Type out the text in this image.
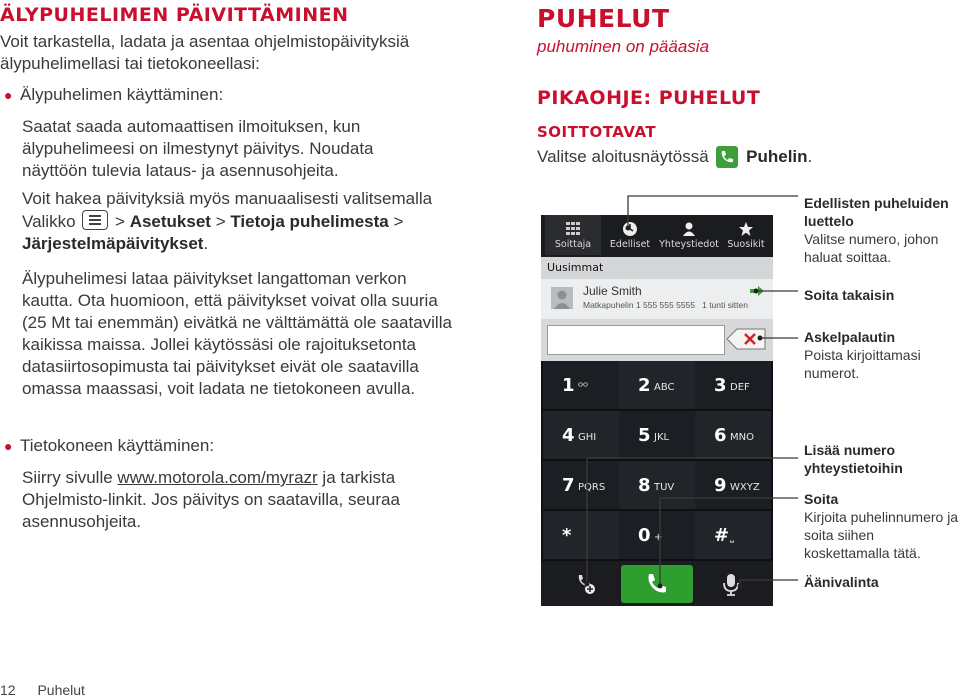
ÄLYPUHELIMEN PÄIVITTÄMINEN
Voit tarkastella, ladata ja asentaa ohjelmistopäivityksiä älypuhelimellasi tai tietokoneellasi:
● Älypuhelimen käyttäminen:
Saatat saada automaattisen ilmoituksen, kun älypuhelimeesi on ilmestynyt päivitys. Noudata näyttöön tulevia lataus- ja asennusohjeita.
Voit hakea päivityksiä myös manuaalisesti valitsemalla Valikko > Asetukset > Tietoja puhelimesta > Järjestelmäpäivitykset.
Älypuhelimesi lataa päivitykset langattoman verkon kautta. Ota huomioon, että päivitykset voivat olla suuria (25 Mt tai enemmän) eivätkä ne välttämättä ole saatavilla kaikissa maissa. Jollei käytössäsi ole rajoituksetonta datasiirtosopimusta tai päivitykset eivät ole saatavilla omassa maassasi, voit ladata ne tietokoneen avulla.
● Tietokoneen käyttäminen:
Siirry sivulle www.motorola.com/myrazr ja tarkista Ohjelmisto-linkit. Jos päivitys on saatavilla, seuraa asennusohjeita.
PUHELUT
puhuminen on pääasia
PIKAOHJE: PUHELUT
SOITTOTAVAT
Valitse aloitusnäytössä Puhelin.
Soittaja	Edelliset Yhteystiedot Suosikit
Uusimmat
Julie Smith
Matkapuhelin 1 555 555 5555 1 tunti sitten
1 ᴼᴼ	2 ABC 3 DEF
4 GHI 5 JKL 6 MNO
7 PQRS 8 TUV 9 WXYZ
*	0 +	# ⎵
Edellisten puheluiden luettelo
Valitse numero, johon haluat soittaa.
Soita takaisin
Askelpalautin
Poista kirjoittamasi numerot.
Lisää numero yhteystietoihin
Soita
Kirjoita puhelinnumero ja soita siihen koskettamalla tätä.
Äänivalinta
12 Puhelut
